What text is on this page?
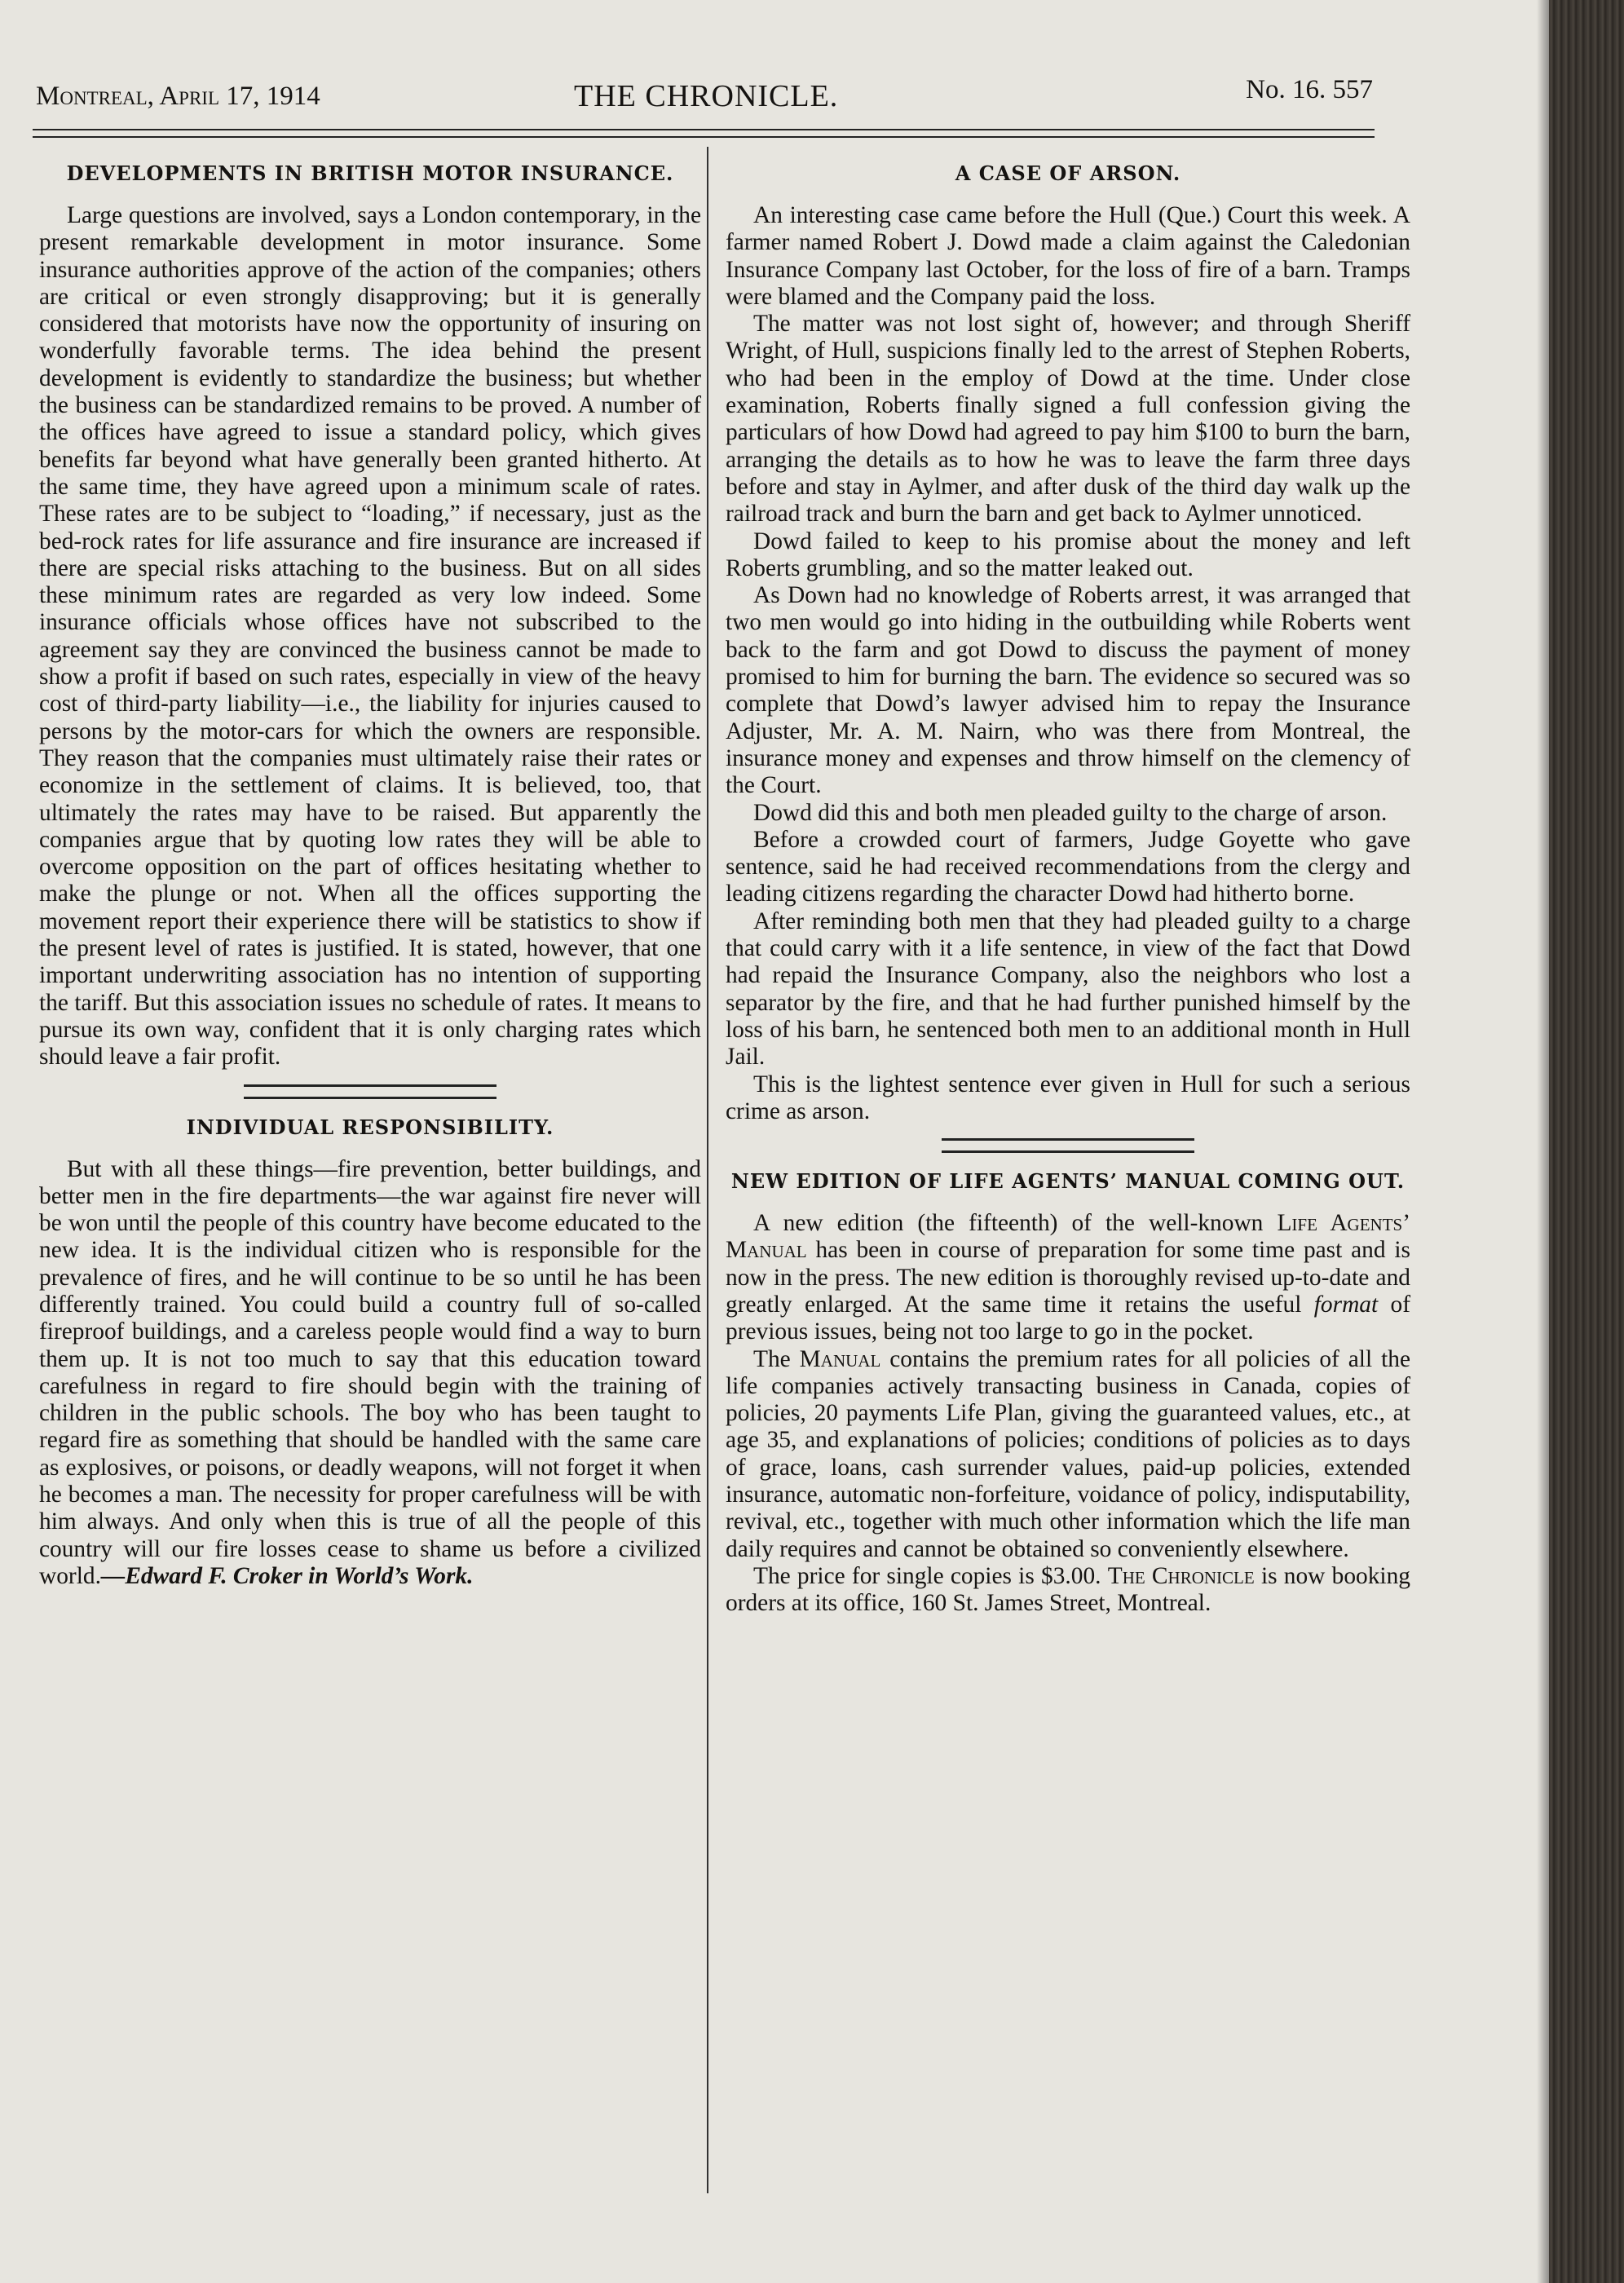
Montreal, April 17, 1914	THE CHRONICLE.	No. 16. 557
DEVELOPMENTS IN BRITISH MOTOR INSURANCE.

Large questions are involved, says a London contemporary, in the present remarkable development in motor insurance. Some insurance authorities approve of the action of the companies; others are critical or even strongly disapproving; but it is generally considered that motorists have now the opportunity of insuring on wonderfully favorable terms. The idea behind the present development is evidently to standardize the business; but whether the business can be standardized remains to be proved. A number of the offices have agreed to issue a standard policy, which gives benefits far beyond what have generally been granted hitherto. At the same time, they have agreed upon a minimum scale of rates. These rates are to be subject to “loading,” if necessary, just as the bed-rock rates for life assurance and fire insurance are increased if there are special risks attaching to the business. But on all sides these minimum rates are regarded as very low indeed. Some insurance officials whose offices have not subscribed to the agreement say they are convinced the business cannot be made to show a profit if based on such rates, especially in view of the heavy cost of third-party liability—i.e., the liability for injuries caused to persons by the motor-cars for which the owners are responsible. They reason that the companies must ultimately raise their rates or economize in the settlement of claims. It is believed, too, that ultimately the rates may have to be raised. But apparently the companies argue that by quoting low rates they will be able to overcome opposition on the part of offices hesitating whether to make the plunge or not. When all the offices supporting the movement report their experience there will be statistics to show if the present level of rates is justified. It is stated, however, that one important underwriting association has no intention of supporting the tariff. But this association issues no schedule of rates. It means to pursue its own way, confident that it is only charging rates which should leave a fair profit.

INDIVIDUAL RESPONSIBILITY.

But with all these things—fire prevention, better buildings, and better men in the fire departments—the war against fire never will be won until the people of this country have become educated to the new idea. It is the individual citizen who is responsible for the prevalence of fires, and he will continue to be so until he has been differently trained. You could build a country full of so-called fireproof buildings, and a careless people would find a way to burn them up. It is not too much to say that this education toward carefulness in regard to fire should begin with the training of children in the public schools. The boy who has been taught to regard fire as something that should be handled with the same care as explosives, or poisons, or deadly weapons, will not forget it when he becomes a man. The necessity for proper carefulness will be with him always. And only when this is true of all the people of this country will our fire losses cease to shame us before a civilized world.—Edward F. Croker in World’s Work.

A CASE OF ARSON.

An interesting case came before the Hull (Que.) Court this week. A farmer named Robert J. Dowd made a claim against the Caledonian Insurance Company last October, for the loss of fire of a barn. Tramps were blamed and the Company paid the loss.

The matter was not lost sight of, however; and through Sheriff Wright, of Hull, suspicions finally led to the arrest of Stephen Roberts, who had been in the employ of Dowd at the time. Under close examination, Roberts finally signed a full confession giving the particulars of how Dowd had agreed to pay him $100 to burn the barn, arranging the details as to how he was to leave the farm three days before and stay in Aylmer, and after dusk of the third day walk up the railroad track and burn the barn and get back to Aylmer unnoticed.

Dowd failed to keep to his promise about the money and left Roberts grumbling, and so the matter leaked out.

As Down had no knowledge of Roberts arrest, it was arranged that two men would go into hiding in the outbuilding while Roberts went back to the farm and got Dowd to discuss the payment of money promised to him for burning the barn. The evidence so secured was so complete that Dowd’s lawyer advised him to repay the Insurance Adjuster, Mr. A. M. Nairn, who was there from Montreal, the insurance money and expenses and throw himself on the clemency of the Court.

Dowd did this and both men pleaded guilty to the charge of arson.

Before a crowded court of farmers, Judge Goyette who gave sentence, said he had received recommendations from the clergy and leading citizens regarding the character Dowd had hitherto borne.

After reminding both men that they had pleaded guilty to a charge that could carry with it a life sentence, in view of the fact that Dowd had repaid the Insurance Company, also the neighbors who lost a separator by the fire, and that he had further punished himself by the loss of his barn, he sentenced both men to an additional month in Hull Jail.

This is the lightest sentence ever given in Hull for such a serious crime as arson.

NEW EDITION OF LIFE AGENTS’ MANUAL COMING OUT.

A new edition (the fifteenth) of the well-known Life Agents’ Manual has been in course of preparation for some time past and is now in the press. The new edition is thoroughly revised up-to-date and greatly enlarged. At the same time it retains the useful format of previous issues, being not too large to go in the pocket.

The Manual contains the premium rates for all policies of all the life companies actively transacting business in Canada, copies of policies, 20 payments Life Plan, giving the guaranteed values, etc., at age 35, and explanations of policies; conditions of policies as to days of grace, loans, cash surrender values, paid-up policies, extended insurance, automatic non-forfeiture, voidance of policy, indisputability, revival, etc., together with much other information which the life man daily requires and cannot be obtained so conveniently elsewhere.

The price for single copies is $3.00. The Chronicle is now booking orders at its office, 160 St. James Street, Montreal.
